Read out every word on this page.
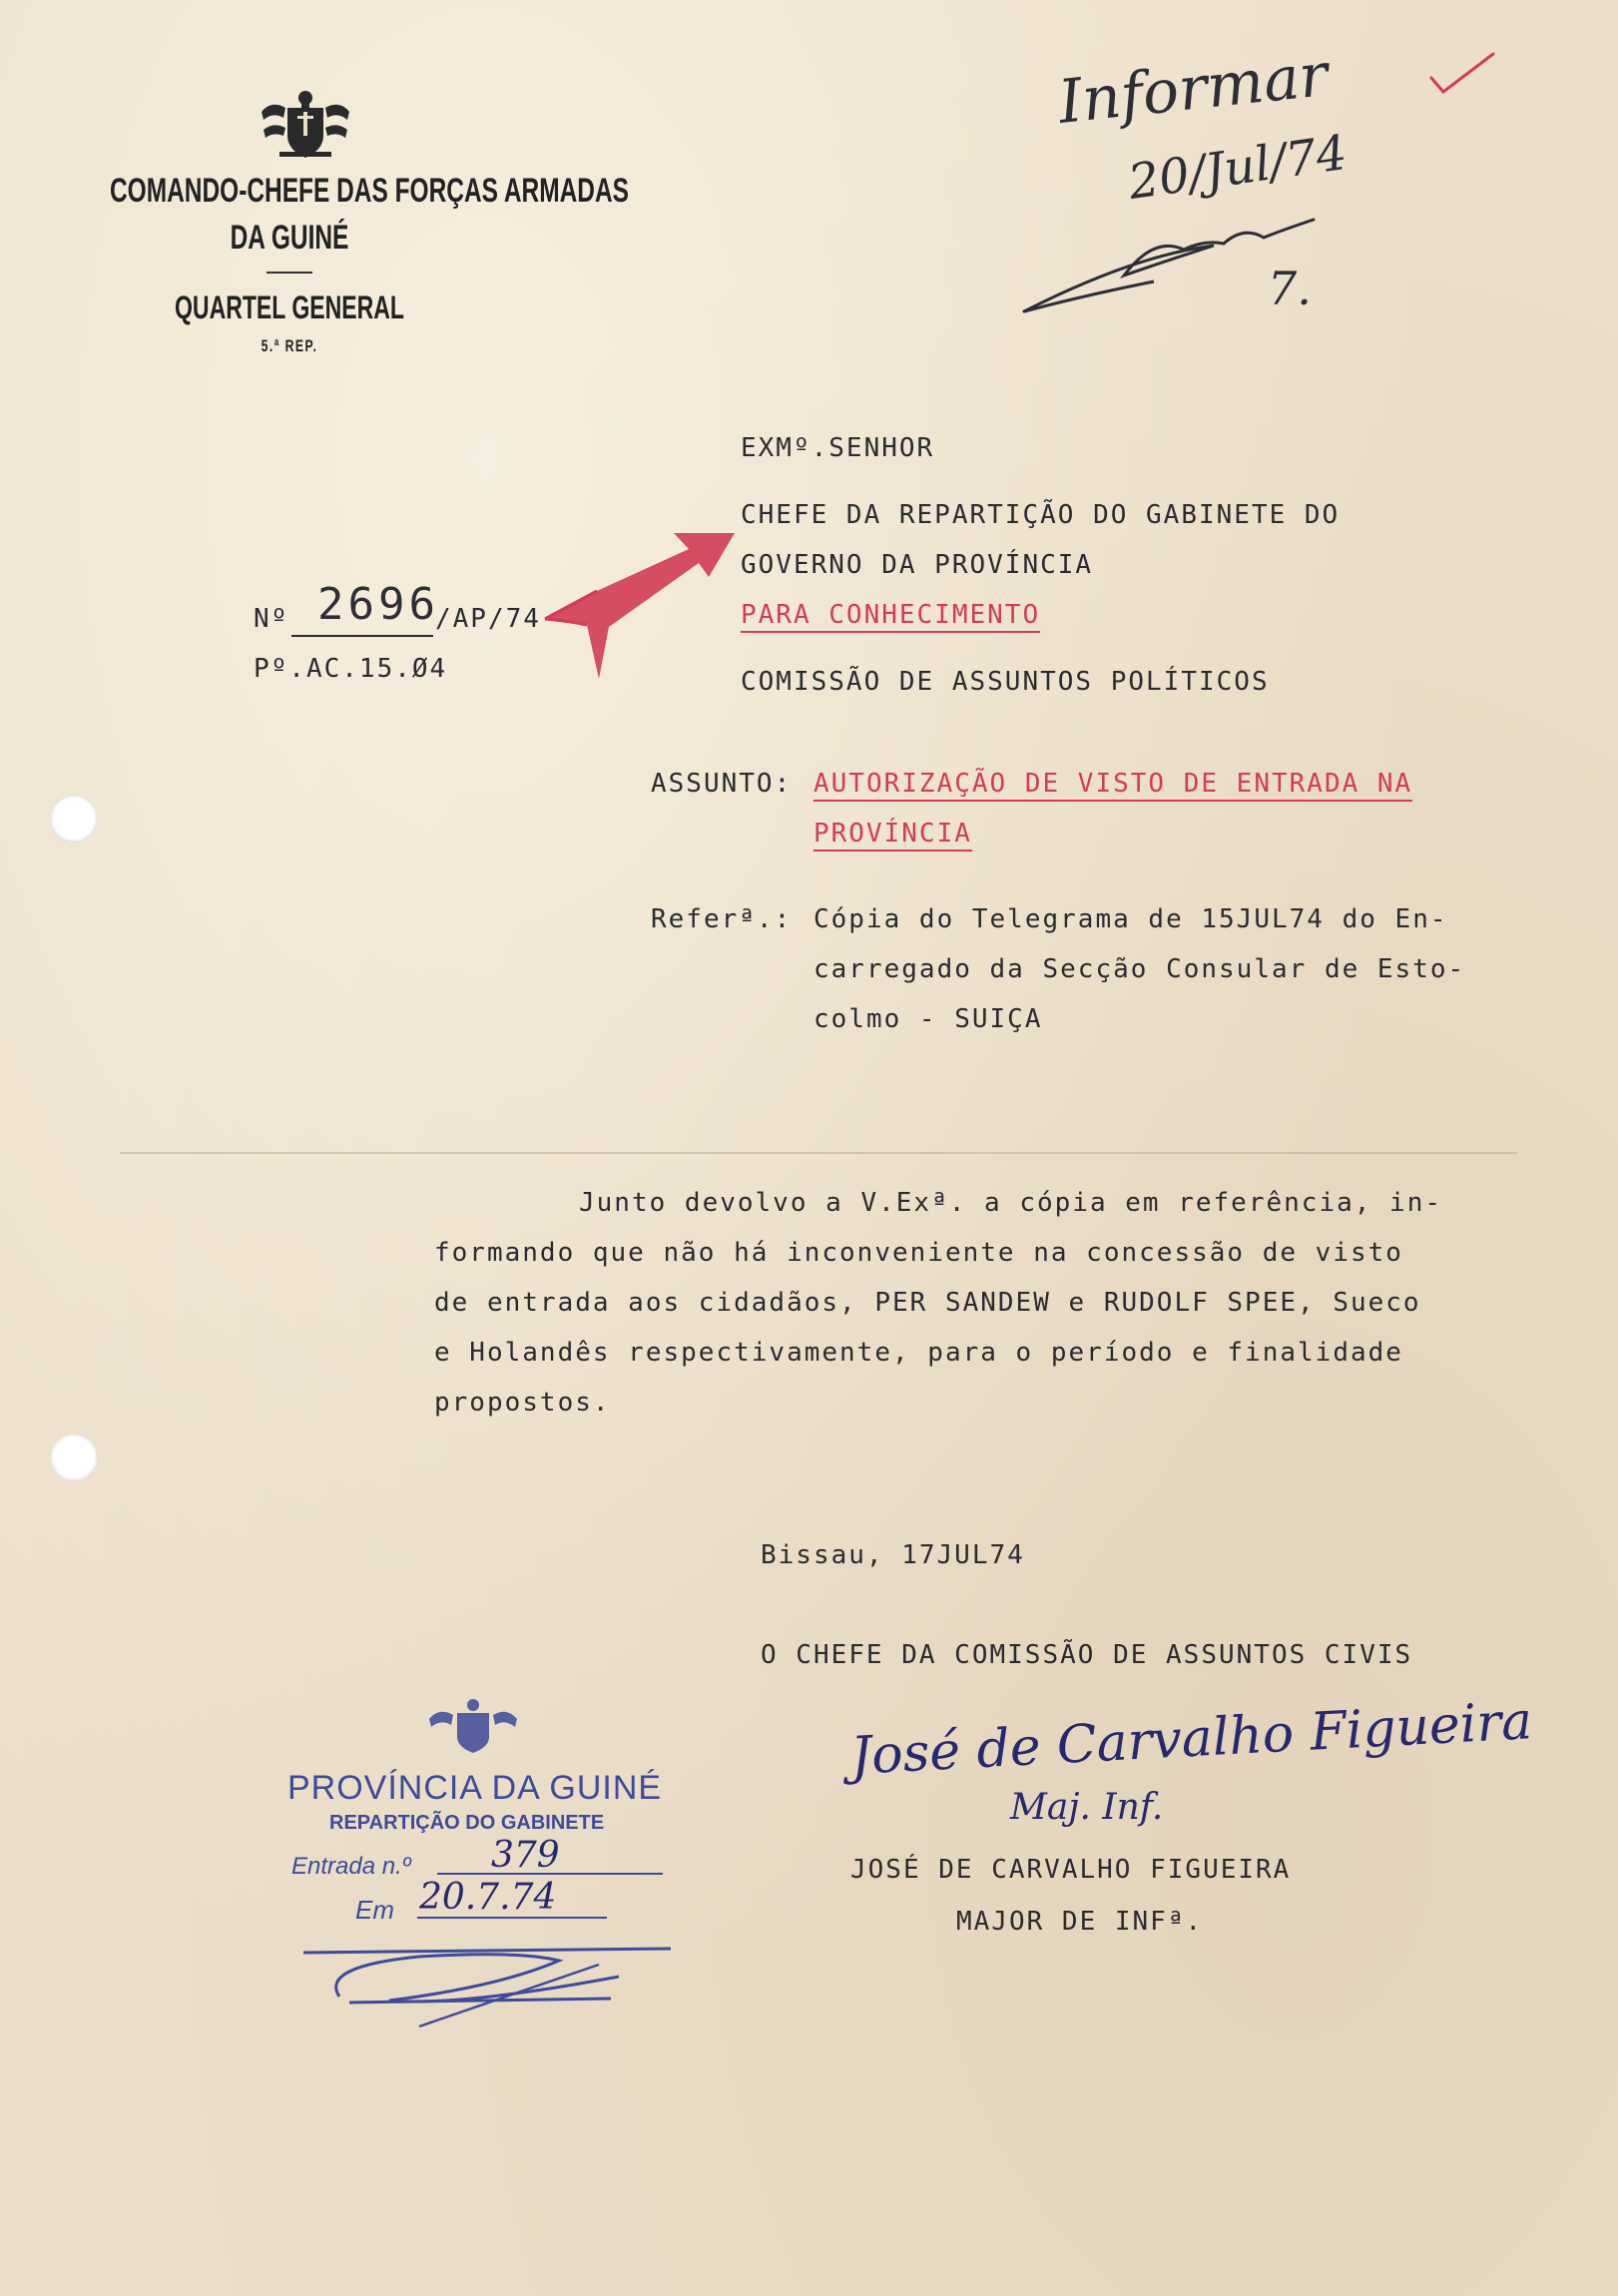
COMANDO-CHEFE DAS FORÇAS ARMADAS
DA GUINÉ
QUARTEL GENERAL
5.ª REP.
Informar
20/Jul/74
7.
EXMº.SENHOR
CHEFE DA REPARTIÇÃO DO GABINETE DO
GOVERNO DA PROVÍNCIA
PARA CONHECIMENTO
COMISSÃO DE ASSUNTOS POLÍTICOS
Nº 2696
/AP/74
Pº.AC.15.Ø4
ASSUNTO: AUTORIZAÇÃO DE VISTO DE ENTRADA NA
PROVÍNCIA
Referª.: Cópia do Telegrama de 15JUL74 do En-
carregado da Secção Consular de Esto-
colmo - SUIÇA
Junto devolvo a V.Exª. a cópia em referência, in-
formando que não há inconveniente na concessão de visto
de entrada aos cidadãos, PER SANDEW e RUDOLF SPEE, Sueco
e Holandês respectivamente, para o período e finalidade
propostos.
Bissau, 17JUL74
O CHEFE DA COMISSÃO DE ASSUNTOS CIVIS
José de Carvalho Figueira
Maj. Inf.
JOSÉ DE CARVALHO FIGUEIRA
MAJOR DE INFª.
PROVÍNCIA DA GUINÉ
REPARTIÇÃO DO GABINETE
Entrada n.º 379
Em 20.7.74
